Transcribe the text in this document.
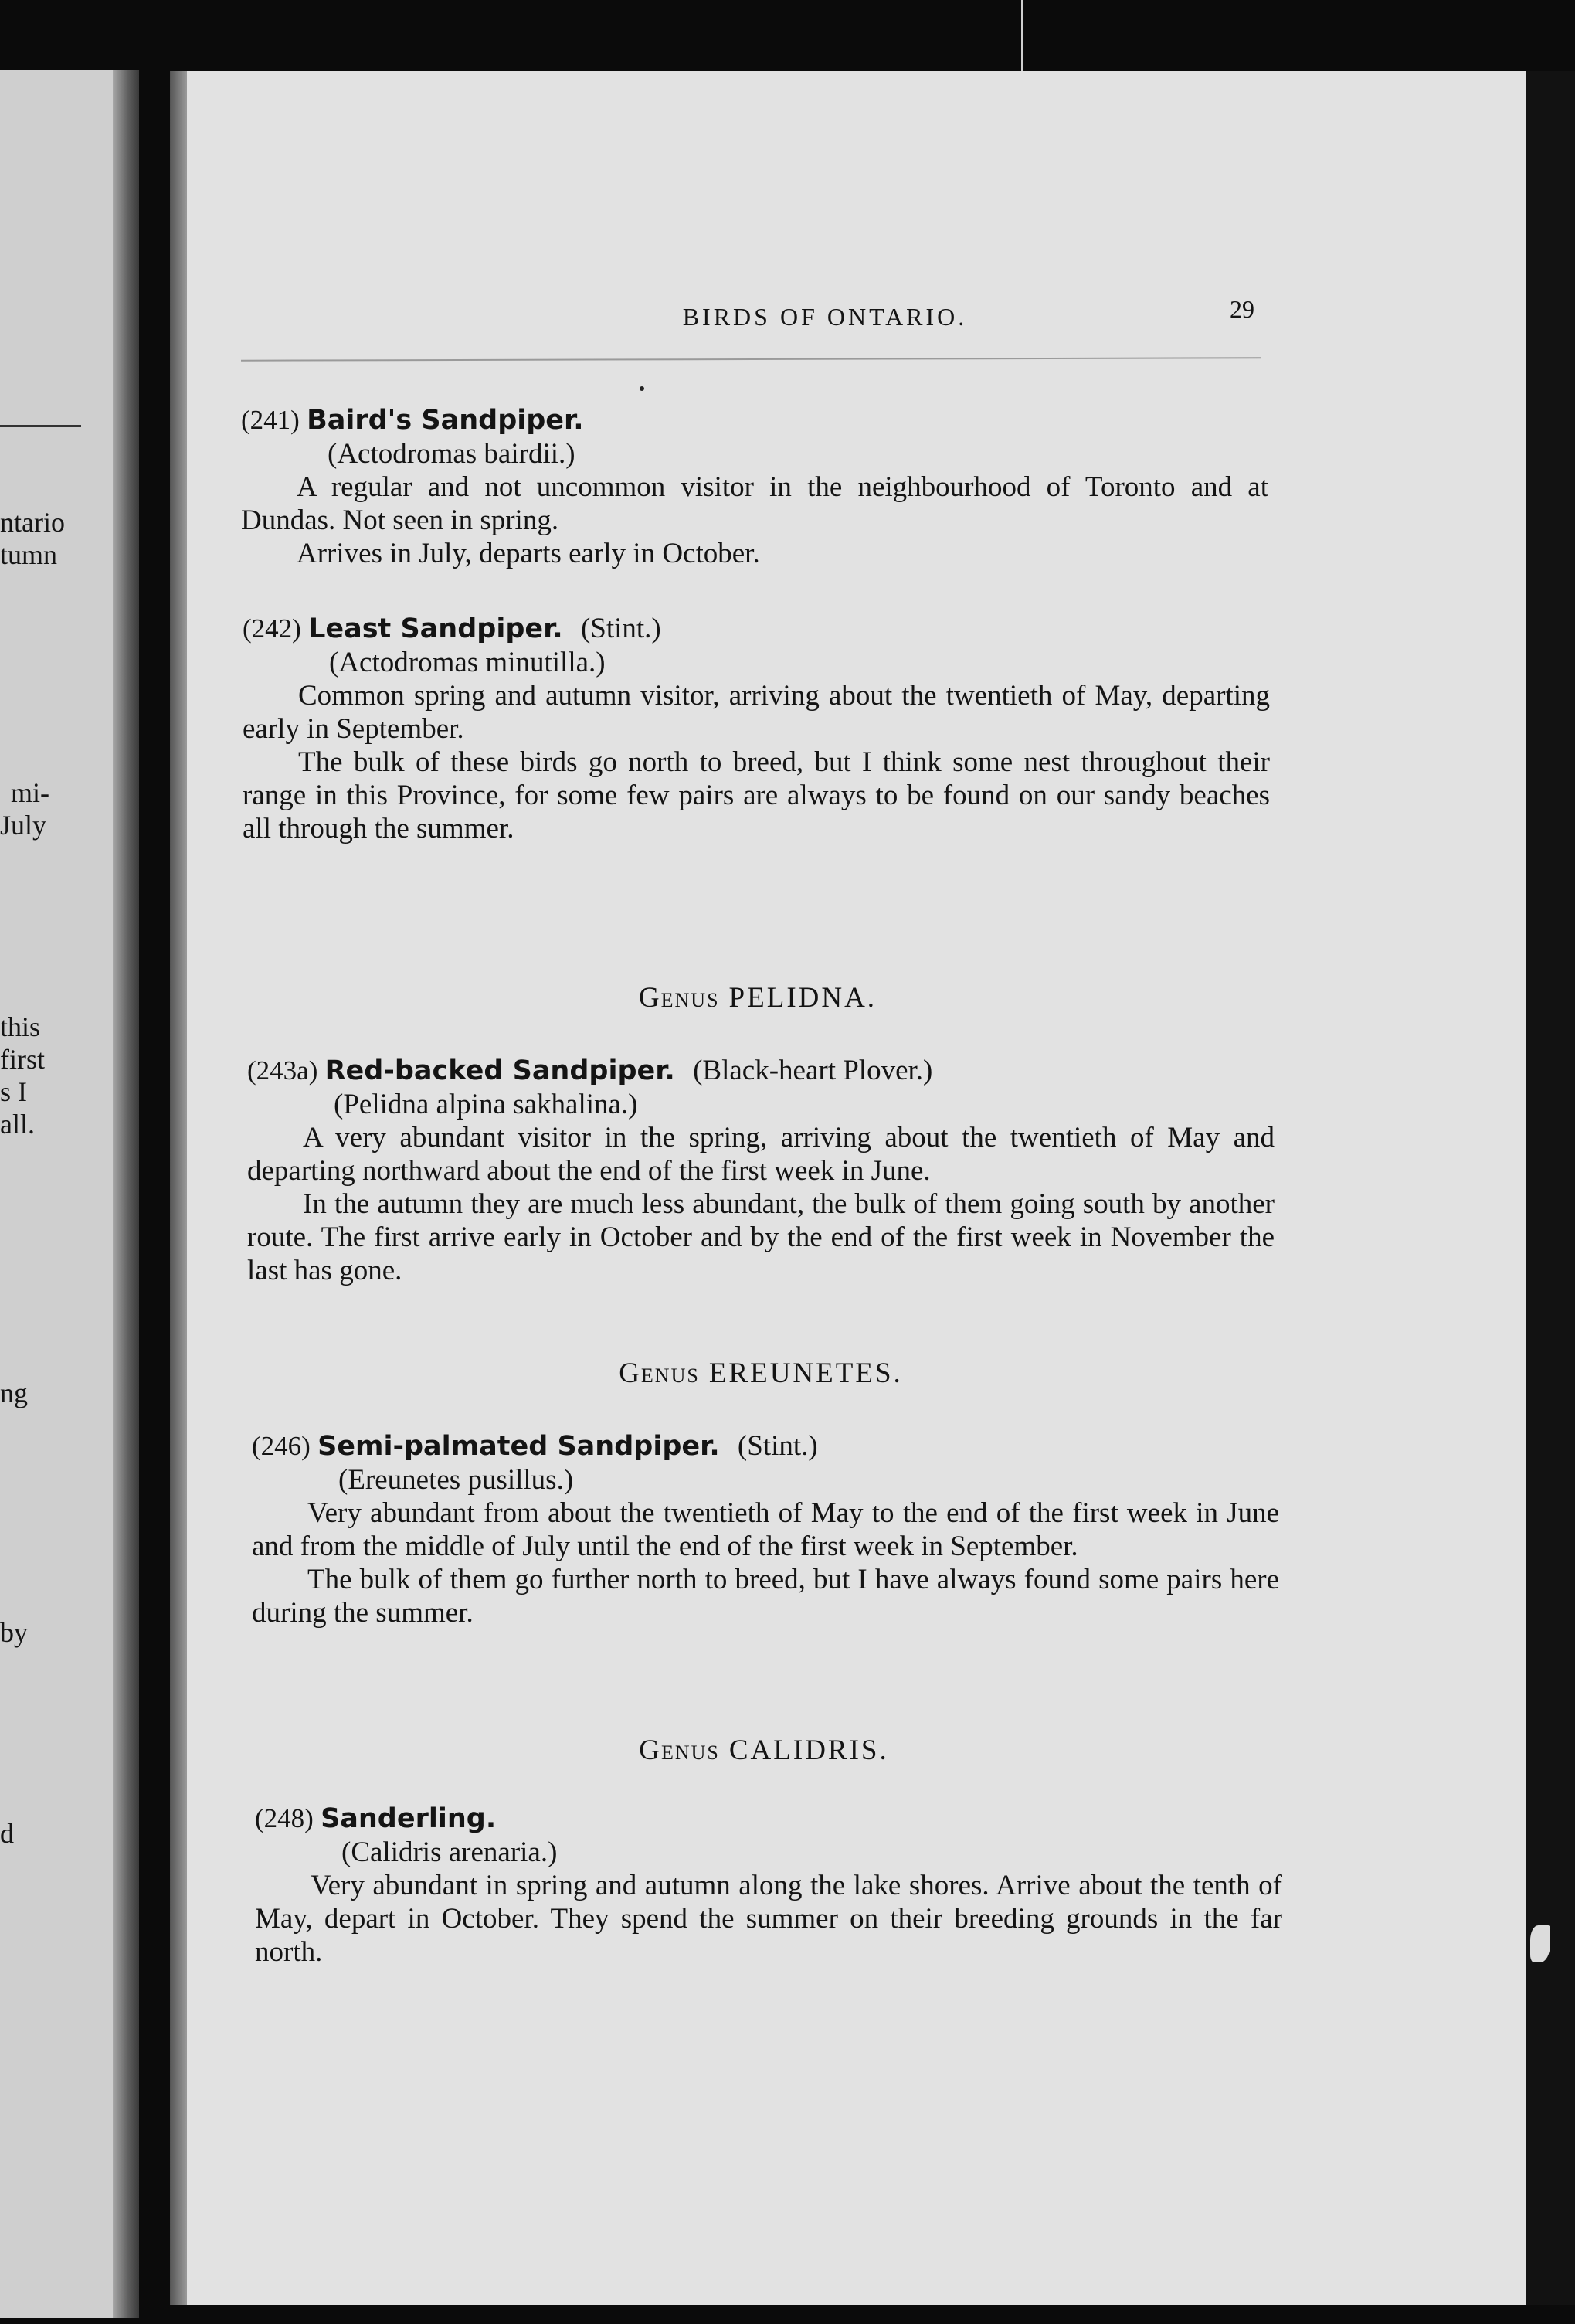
ntario
tumn
mi-
July
this
first
s I
all.
ng
by
d
BIRDS OF ONTARIO.	29
(241) Baird's Sandpiper.
(Actodromas bairdii.)

A regular and not uncommon visitor in the neighbourhood of Toronto and at Dundas. Not seen in spring.

Arrives in July, departs early in October.

(242) Least Sandpiper. (Stint.)
(Actodromas minutilla.)

Common spring and autumn visitor, arriving about the twentieth of May, departing early in September.

The bulk of these birds go north to breed, but I think some nest throughout their range in this Province, for some few pairs are always to be found on our sandy beaches all through the summer.

Genus PELIDNA.
(243a) Red-backed Sandpiper. (Black-heart Plover.)
(Pelidna alpina sakhalina.)

A very abundant visitor in the spring, arriving about the twentieth of May and departing northward about the end of the first week in June.

In the autumn they are much less abundant, the bulk of them going south by another route. The first arrive early in October and by the end of the first week in November the last has gone.

Genus EREUNETES.
(246) Semi-palmated Sandpiper. (Stint.)
(Ereunetes pusillus.)

Very abundant from about the twentieth of May to the end of the first week in June and from the middle of July until the end of the first week in September.

The bulk of them go further north to breed, but I have always found some pairs here during the summer.

Genus CALIDRIS.
(248) Sanderling.
(Calidris arenaria.)

Very abundant in spring and autumn along the lake shores. Arrive about the tenth of May, depart in October. They spend the summer on their breeding grounds in the far north.
